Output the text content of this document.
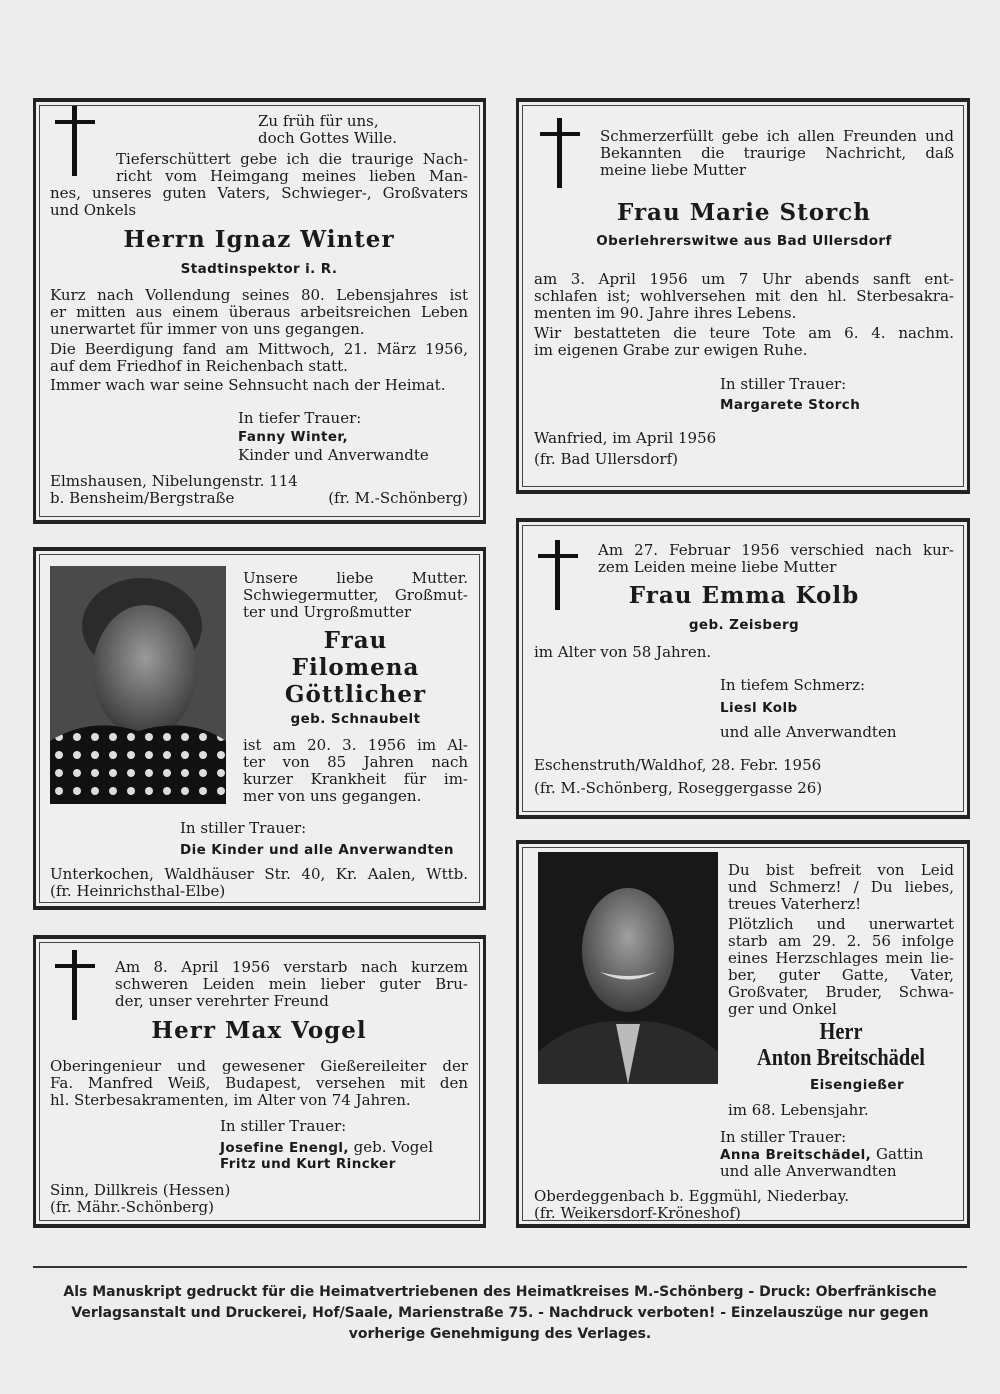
Zu früh für uns,
doch Gottes Wille.
Tieferschüttert gebe ich die traurige Nach-
richt vom Heimgang meines lieben Man-
nes, unseres guten Vaters, Schwieger-, Großvaters
und Onkels
Herrn Ignaz Winter
Stadtinspektor i. R.
Kurz nach Vollendung seines 80. Lebensjahres ist
er mitten aus einem überaus arbeitsreichen Leben
unerwartet für immer von uns gegangen.
Die Beerdigung fand am Mittwoch, 21. März 1956,
auf dem Friedhof in Reichenbach statt.
Immer wach war seine Sehnsucht nach der Heimat.
In tiefer Trauer:
Fanny Winter,
Kinder und Anverwandte
Elmshausen, Nibelungenstr. 114
b. Bensheim/Bergstraße	(fr. M.-Schönberg)
Schmerzerfüllt gebe ich allen Freunden und
Bekannten die traurige Nachricht, daß
meine liebe Mutter
Frau Marie Storch
Oberlehrerswitwe aus Bad Ullersdorf
am 3. April 1956 um 7 Uhr abends sanft ent-
schlafen ist; wohlversehen mit den hl. Sterbesakra-
menten im 90. Jahre ihres Lebens.
Wir bestatteten die teure Tote am 6. 4. nachm.
im eigenen Grabe zur ewigen Ruhe.
In stiller Trauer:
Margarete Storch
Wanfried, im April 1956
(fr. Bad Ullersdorf)
Unsere liebe Mutter.
Schwiegermutter, Großmut-
ter und Urgroßmutter
Frau
Filomena
Göttlicher
geb. Schnaubelt
ist am 20. 3. 1956 im Al-
ter von 85 Jahren nach
kurzer Krankheit für im-
mer von uns gegangen.
In stiller Trauer:
Die Kinder und alle Anverwandten
Unterkochen, Waldhäuser Str. 40, Kr. Aalen, Wttb.
(fr. Heinrichsthal-Elbe)
Am 27. Februar 1956 verschied nach kur-
zem Leiden meine liebe Mutter
Frau Emma Kolb
geb. Zeisberg
im Alter von 58 Jahren.
In tiefem Schmerz:
Liesl Kolb
und alle Anverwandten
Eschenstruth/Waldhof, 28. Febr. 1956
(fr. M.-Schönberg, Roseggergasse 26)
Am 8. April 1956 verstarb nach kurzem
schweren Leiden mein lieber guter Bru-
der, unser verehrter Freund
Herr Max Vogel
Oberingenieur und gewesener Gießereileiter der
Fa. Manfred Weiß, Budapest, versehen mit den
hl. Sterbesakramenten, im Alter von 74 Jahren.
In stiller Trauer:
Josefine Enengl, geb. Vogel
Fritz und Kurt Rincker
Sinn, Dillkreis (Hessen)
(fr. Mähr.-Schönberg)
Du bist befreit von Leid
und Schmerz! / Du liebes,
treues Vaterherz!
Plötzlich und unerwartet
starb am 29. 2. 56 infolge
eines Herzschlages mein lie-
ber, guter Gatte, Vater,
Großvater, Bruder, Schwa-
ger und Onkel
Herr
Anton Breitschädel
Eisengießer
im 68. Lebensjahr.
In stiller Trauer:
Anna Breitschädel, Gattin
und alle Anverwandten
Oberdeggenbach b. Eggmühl, Niederbay.
(fr. Weikersdorf-Kröneshof)
Als Manuskript gedruckt für die Heimatvertriebenen des Heimatkreises M.-Schönberg - Druck: Oberfränkische
Verlagsanstalt und Druckerei, Hof/Saale, Marienstraße 75. - Nachdruck verboten! - Einzelauszüge nur gegen
vorherige Genehmigung des Verlages.
